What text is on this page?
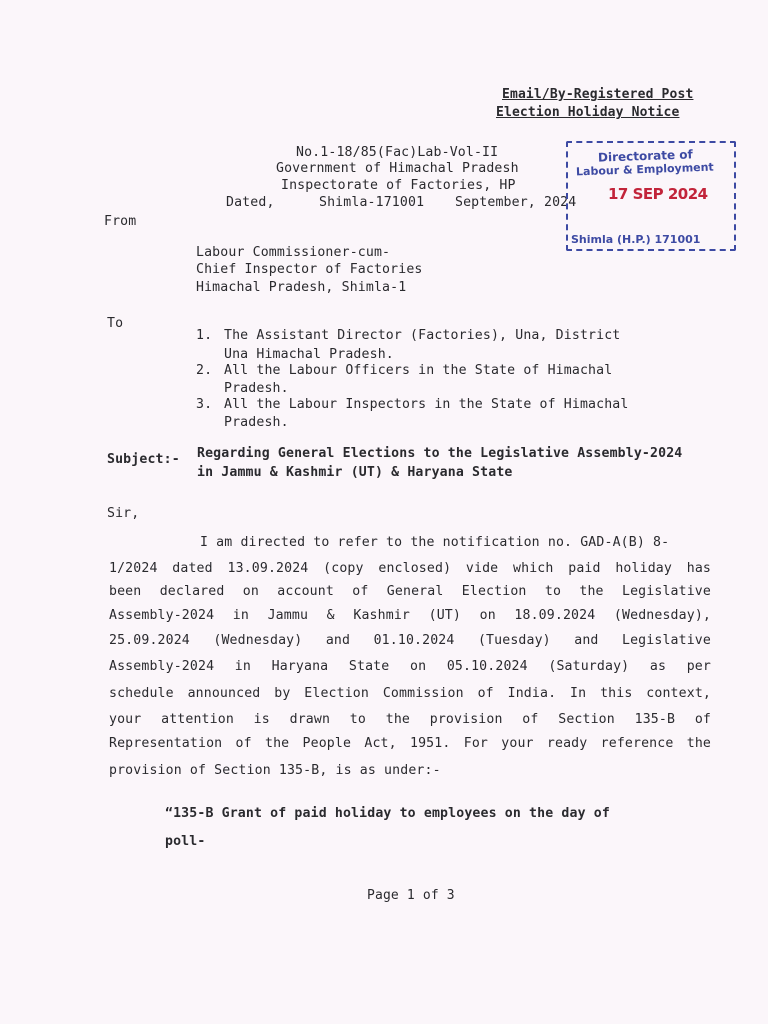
Email/By-Registered Post
Election Holiday Notice
No.1-18/85(Fac)Lab-Vol-II
Government of Himachal Pradesh
Inspectorate of Factories, HP
Dated,	Shimla-171001 September, 2024
Directorate of
Labour & Employment
17 SEP 2024
Shimla (H.P.) 171001
From
Labour Commissioner-cum-
Chief Inspector of Factories
Himachal Pradesh, Shimla-1
To
1. The Assistant Director (Factories), Una, District
Una Himachal Pradesh.
2. All the Labour Officers in the State of Himachal
Pradesh.
3. All the Labour Inspectors in the State of Himachal
Pradesh.
Subject:- Regarding General Elections to the Legislative Assembly-2024
in Jammu & Kashmir (UT) & Haryana State
Sir,
I am directed to refer to the notification no. GAD-A(B) 8-
1/2024 dated 13.09.2024 (copy enclosed) vide which paid holiday has
been declared on account of General Election to the Legislative
Assembly-2024 in Jammu & Kashmir (UT) on 18.09.2024 (Wednesday),
25.09.2024 (Wednesday) and 01.10.2024 (Tuesday) and Legislative
Assembly-2024 in Haryana State on 05.10.2024 (Saturday) as per
schedule announced by Election Commission of India. In this context,
your attention is drawn to the provision of Section 135-B of
Representation of the People Act, 1951. For your ready reference the
provision of Section 135-B, is as under:-
“135-B Grant of paid holiday to employees on the day of
poll-
Page 1 of 3
